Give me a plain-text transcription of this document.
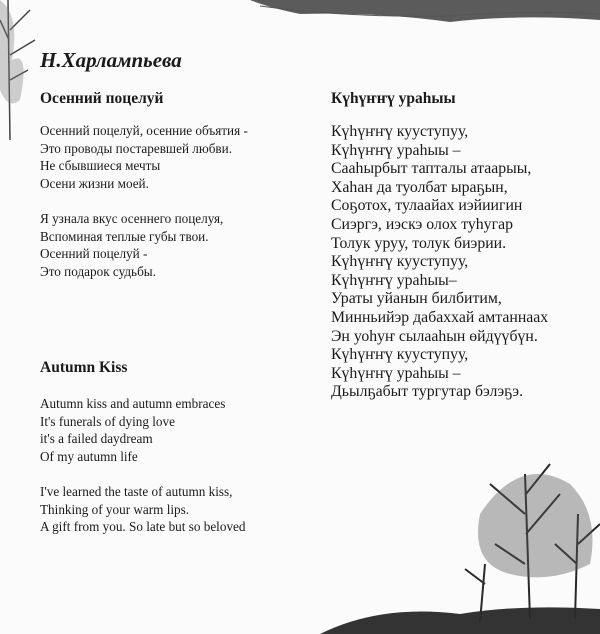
Н.Харлампьева
Осенний поцелуй
Осенний поцелуй, осенние объятия -
Это проводы постаревшей любви.
Не сбывшиеся мечты
Осени жизни моей.
Я узнала вкус осеннего поцелуя,
Вспоминая теплые губы твои.
Осенний поцелуй -
Это подарок судьбы.
Autumn Kiss
Autumn kiss and autumn embraces
It's funerals of dying love
it's a failed daydream
Of my autumn life
I've learned the taste of autumn kiss,
Thinking of your warm lips.
A gift from you. So late but so beloved
Күһүҥҥү ураһыы
Күһүҥҥү кууступуу,
Күһүҥҥү ураһыы –
Сааһырбыт тапталы атаарыы,
Хаһан да туолбат ыраҕын,
Соҕотох, тулаайах иэйиигин
Сиэргэ, иэскэ олох туһугар
Толук уруу, толук биэрии.
Күһүҥҥү кууступуу,
Күһүҥҥү ураһыы–
Ураты уйанын билбитим,
Минньийэр дабаххай амтаннаах
Эн уоһуҥ сылааһын өйдүүбүн.
Күһүҥҥү кууступуу,
Күһүҥҥү ураһыы –
Дьылҕабыт тургутар бэлэҕэ.
